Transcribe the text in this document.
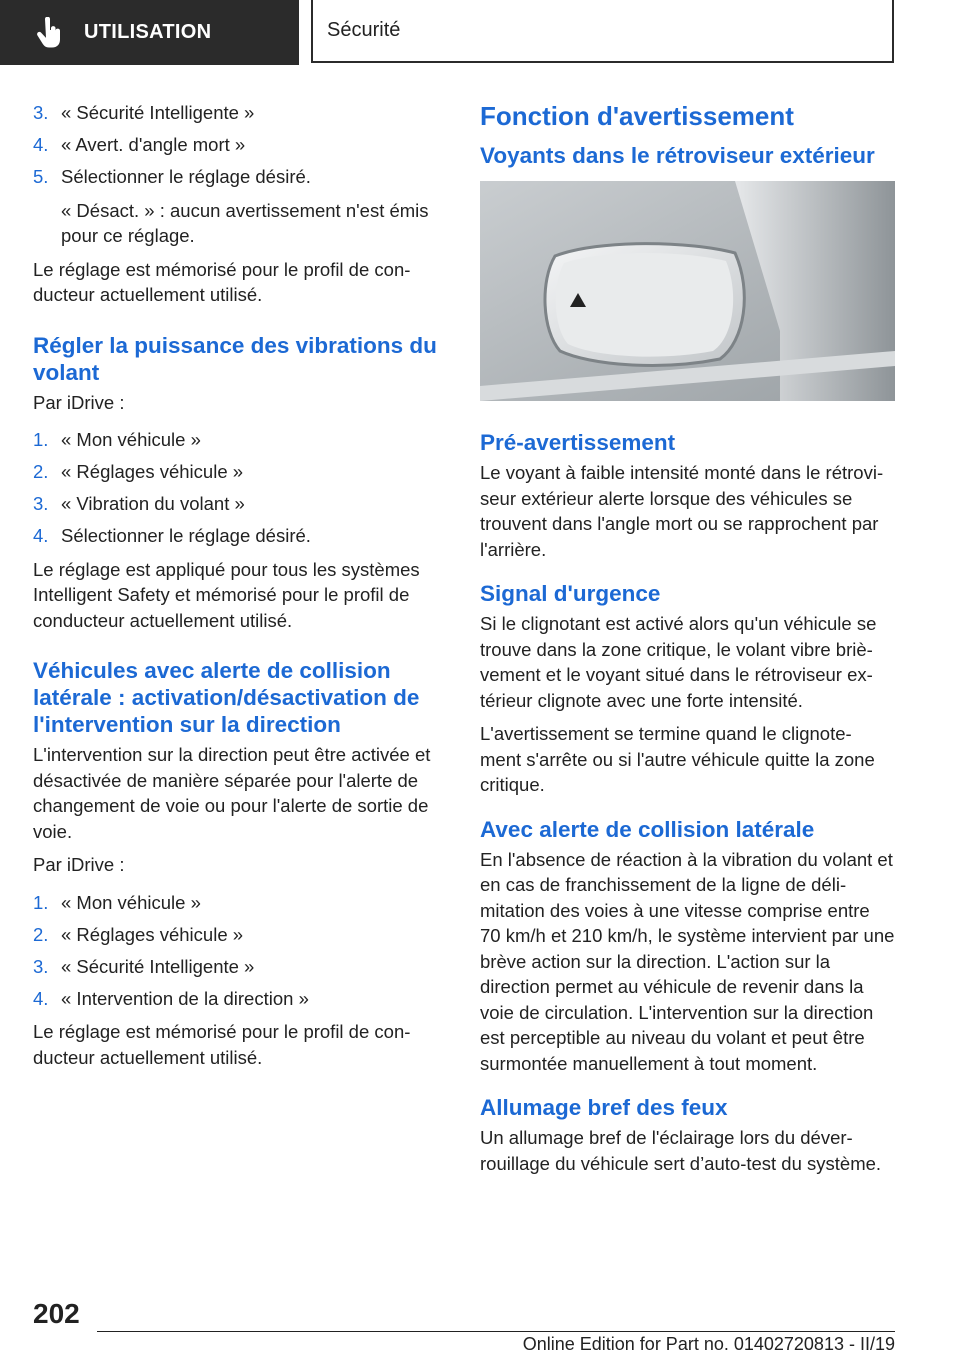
UTILISATION	Sécurité
3. « Sécurité Intelligente »
4. « Avert. d'angle mort »
5. Sélectionner le réglage désiré.

« Désact. » : aucun avertissement n'est émis pour ce réglage.

Le réglage est mémorisé pour le profil de con‐ ducteur actuellement utilisé.

Régler la puissance des vibrations du volant

Par iDrive :

1. « Mon véhicule »
2. « Réglages véhicule »
3. « Vibration du volant »
4. Sélectionner le réglage désiré.

Le réglage est appliqué pour tous les systèmes Intelligent Safety et mémorisé pour le profil de conducteur actuellement utilisé.

Véhicules avec alerte de collision latérale : activation/désactivation de l'intervention sur la direction

L'intervention sur la direction peut être activée et désactivée de manière séparée pour l'alerte de changement de voie ou pour l'alerte de sortie de voie.

Par iDrive :

1. « Mon véhicule »
2. « Réglages véhicule »
3. « Sécurité Intelligente »
4. « Intervention de la direction »

Le réglage est mémorisé pour le profil de con‐ ducteur actuellement utilisé.

Fonction d'avertissement
Voyants dans le rétroviseur extérieur
Pré-avertissement

Le voyant à faible intensité monté dans le rétrovi‐ seur extérieur alerte lorsque des véhicules se trouvent dans l'angle mort ou se rapprochent par l'arrière.

Signal d'urgence

Si le clignotant est activé alors qu'un véhicule se trouve dans la zone critique, le volant vibre briè‐ vement et le voyant situé dans le rétroviseur ex‐ térieur clignote avec une forte intensité.

L'avertissement se termine quand le clignote‐ ment s'arrête ou si l'autre véhicule quitte la zone critique.

Avec alerte de collision latérale

En l'absence de réaction à la vibration du volant et en cas de franchissement de la ligne de déli‐ mitation des voies à une vitesse comprise entre 70 km/h et 210 km/h, le système intervient par une brève action sur la direction. L'action sur la direction permet au véhicule de revenir dans la voie de circulation. L'intervention sur la direction est perceptible au niveau du volant et peut être surmontée manuellement à tout moment.

Allumage bref des feux

Un allumage bref de l'éclairage lors du déver‐ rouillage du véhicule sert d’auto-test du système.

202
Online Edition for Part no. 01402720813 - II/19
